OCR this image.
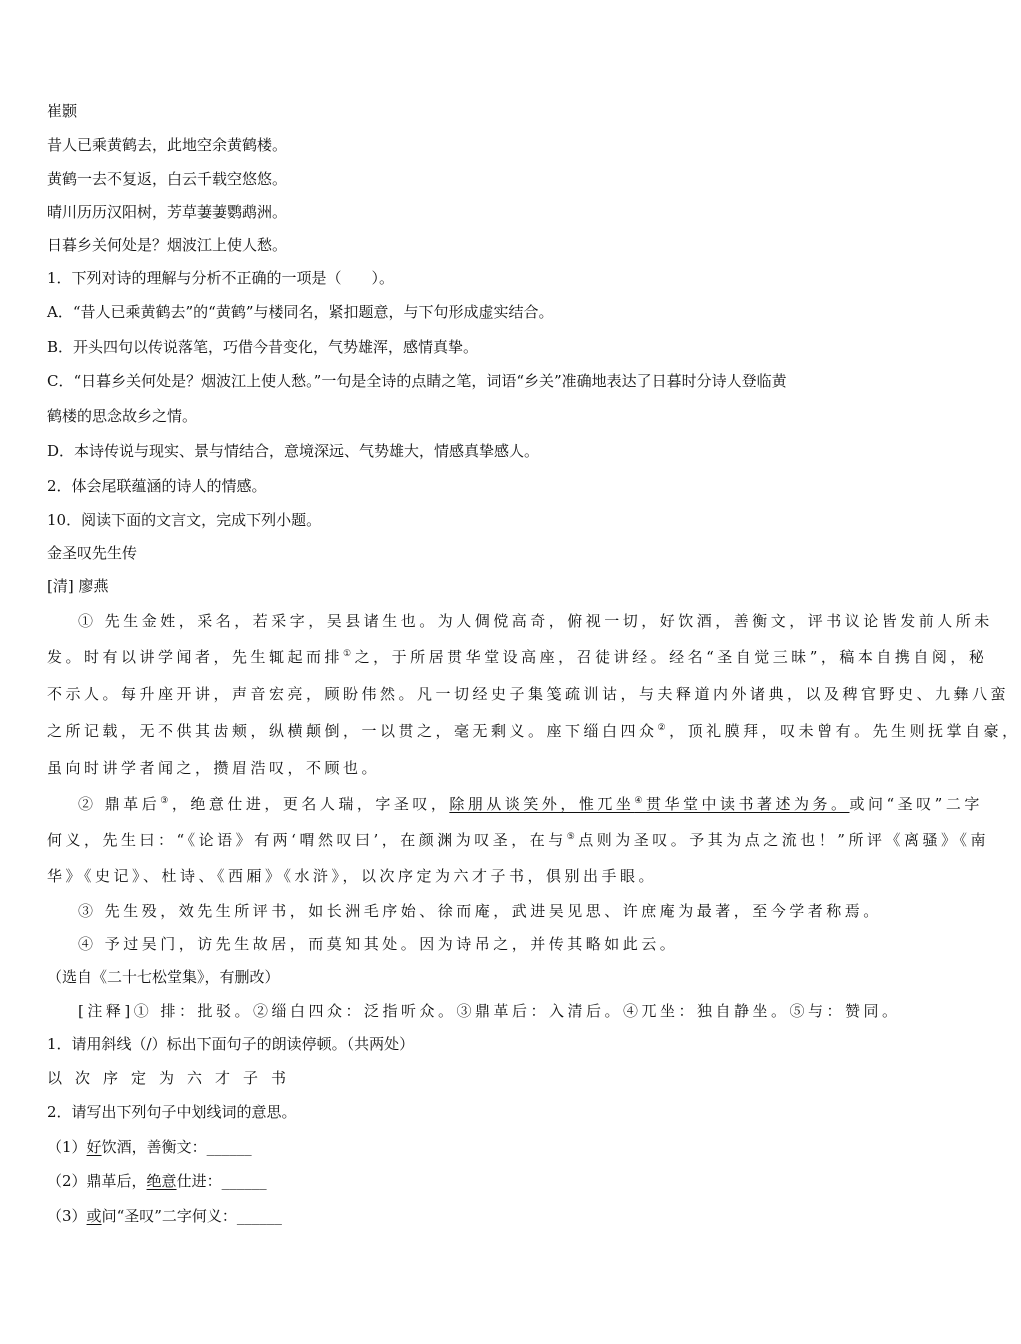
崔颢
昔人已乘黄鹤去，此地空余黄鹤楼。
黄鹤一去不复返，白云千载空悠悠。
晴川历历汉阳树，芳草萋萋鹦鹉洲。
日暮乡关何处是？烟波江上使人愁。
1．下列对诗的理解与分析不正确的一项是（　　）。
A．“昔人已乘黄鹤去”的“黄鹤”与楼同名，紧扣题意，与下句形成虚实结合。
B．开头四句以传说落笔，巧借今昔变化，气势雄浑，感情真挚。
C．“日暮乡关何处是？烟波江上使人愁。”一句是全诗的点睛之笔，词语“乡关”准确地表达了日暮时分诗人登临黄
鹤楼的思念故乡之情。
D．本诗传说与现实、景与情结合，意境深远、气势雄大，情感真挚感人。
2．体会尾联蕴涵的诗人的情感。
10．阅读下面的文言文，完成下列小题。
金圣叹先生传
[清] 廖燕
① 先生金姓，采名，若采字，吴县诸生也。为人倜傥高奇，俯视一切，好饮酒，善衡文，评书议论皆发前人所未
发。时有以讲学闻者，先生辄起而排①之，于所居贯华堂设高座，召徒讲经。经名“圣自觉三昧”，稿本自携自阅，秘
不示人。每升座开讲，声音宏亮，顾盼伟然。凡一切经史子集笺疏训诂，与夫释道内外诸典，以及稗官野史、九彝八蛮
之所记载，无不供其齿颊，纵横颠倒，一以贯之，毫无剩义。座下缁白四众②，顶礼膜拜，叹未曾有。先生则抚掌自豪，
虽向时讲学者闻之，攒眉浩叹，不顾也。
② 鼎革后③，绝意仕进，更名人瑞，字圣叹，除朋从谈笑外，惟兀坐④贯华堂中读书著述为务。或问“圣叹”二字
何义，先生曰：“《论语》有两‘喟然叹曰’，在颜渊为叹圣，在与⑤点则为圣叹。予其为点之流也！”所评《离骚》《南
华》《史记》、杜诗、《西厢》《水浒》，以次序定为六才子书，俱别出手眼。
③ 先生殁，效先生所评书，如长洲毛序始、徐而庵，武进吴见思、许庶庵为最著，至今学者称焉。
④ 予过吴门，访先生故居，而莫知其处。因为诗吊之，并传其略如此云。
（选自《二十七松堂集》，有删改）
[注释]① 排：批驳。②缁白四众：泛指听众。③鼎革后：入清后。④兀坐：独自静坐。⑤与：赞同。
1．请用斜线（/）标出下面句子的朗读停顿。（共两处）
以次序定为六才子书
2．请写出下列句子中划线词的意思。
（1）好饮酒，善衡文：______
（2）鼎革后，绝意仕进：______
（3）或问“圣叹”二字何义：______
